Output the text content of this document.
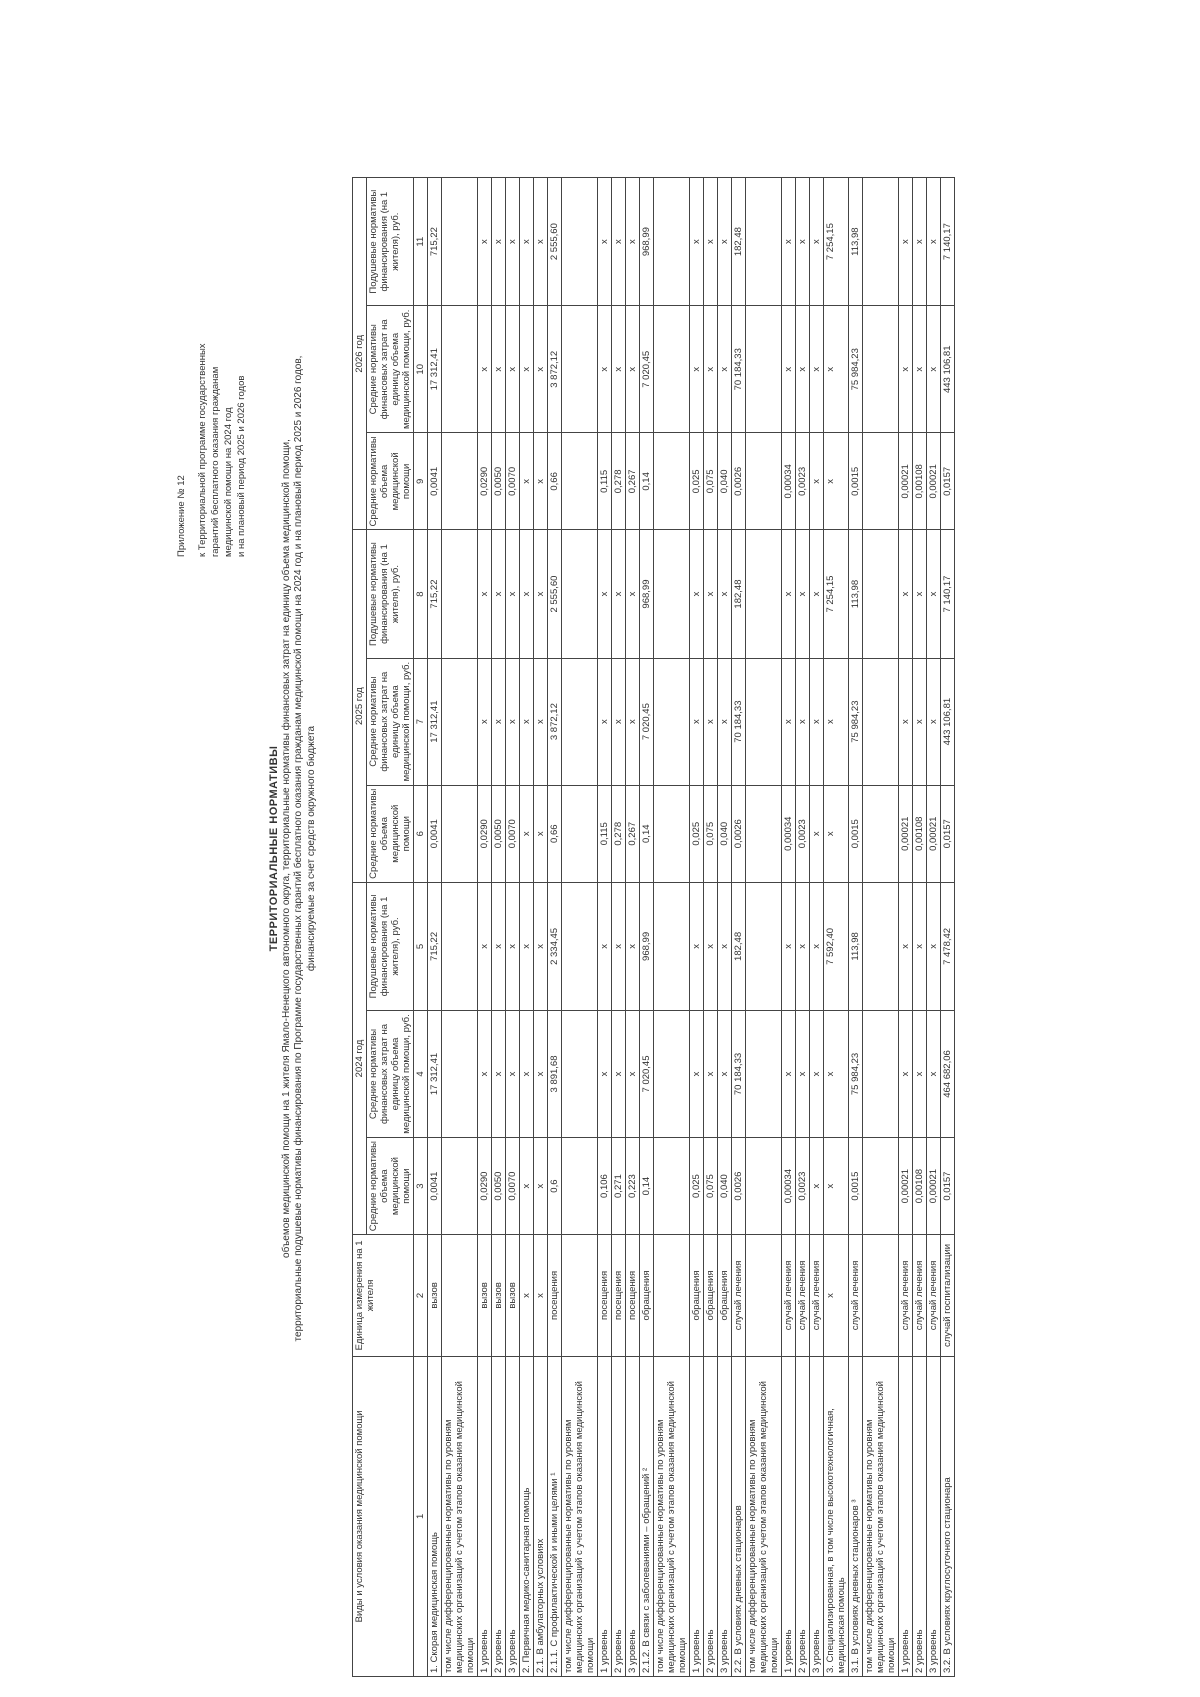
Приложение № 12 к Территориальной программе государственных гарантий бесплатного оказания гражданам медицинской помощи на 2024 год и на плановый период 2025 и 2026 годов
ТЕРРИТОРИАЛЬНЫЕ НОРМАТИВЫ объемов медицинской помощи на 1 жителя Ямало-Ненецкого автономного округа, территориальные нормативы финансовых затрат на единицу объема медицинской помощи, территориальные подушевые нормативы финансирования по Программе государственных гарантий бесплатного оказания гражданам медицинской помощи на 2024 год и на плановый период 2025 и 2026 годов, финансируемые за счет средств окружного бюджета
Виды и условия оказания медицинской помощи	Единица измерения на 1 жителя	2024 год			2025 год			2026 год		
		Средние нормативы объема медицинской помощи	Средние нормативы финансовых затрат на единицу объема медицинской помощи, руб.	Подушевые нормативы финансирования (на 1 жителя), руб.	Средние нормативы объема медицинской помощи	Средние нормативы финансовых затрат на единицу объема медицинской помощи, руб.	Подушевые нормативы финансирования (на 1 жителя), руб.	Средние нормативы объема медицинской помощи	Средние нормативы финансовых затрат на единицу объема медицинской помощи, руб.	Подушевые нормативы финансирования (на 1 жителя), руб.
1	2	3	4	5	6	7	8	9	10	11
1. Скорая медицинская помощь	вызов	0,0041	17 312,41	715,22	0,0041	17 312,41	715,22	0,0041	17 312,41	715,22
том числе дифференцированные нормативы по уровням медицинских организаций с учетом этапов оказания медицинской помощи										
1 уровень	вызов	0,0290	х	х	0,0290	х	х	0,0290	х	х
2 уровень	вызов	0,0050	х	х	0,0050	х	х	0,0050	х	х
3 уровень	вызов	0,0070	х	х	0,0070	х	х	0,0070	х	х
2. Первичная медико-санитарная помощь	х	х	х	х	х	х	х	х	х	х
2.1. В амбулаторных условиях	х	х	х	х	х	х	х	х	х	х
2.1.1. С профилактической и иными целями ¹	посещения	0,6	3 891,68	2 334,45	0,66	3 872,12	2 555,60	0,66	3 872,12	2 555,60
том числе дифференцированные нормативы по уровням медицинских организаций с учетом этапов оказания медицинской помощи										
1 уровень	посещения	0,106	х	х	0,115	х	х	0,115	х	х
2 уровень	посещения	0,271	х	х	0,278	х	х	0,278	х	х
3 уровень	посещения	0,223	х	х	0,267	х	х	0,267	х	х
2.1.2. В связи с заболеваниями – обращений ²	обращения	0,14	7 020,45	968,99	0,14	7 020,45	968,99	0,14	7 020,45	968,99
том числе дифференцированные нормативы по уровням медицинских организаций с учетом этапов оказания медицинской помощи										
1 уровень	обращения	0,025	х	х	0,025	х	х	0,025	х	х
2 уровень	обращения	0,075	х	х	0,075	х	х	0,075	х	х
3 уровень	обращения	0,040	х	х	0,040	х	х	0,040	х	х
2.2. В условиях дневных стационаров	случай лечения	0,0026	70 184,33	182,48	0,0026	70 184,33	182,48	0,0026	70 184,33	182,48
том числе дифференцированные нормативы по уровням медицинских организаций с учетом этапов оказания медицинской помощи										
1 уровень	случай лечения	0,00034	х	х	0,00034	х	х	0,00034	х	х
2 уровень	случай лечения	0,0023	х	х	0,0023	х	х	0,0023	х	х
3 уровень	случай лечения	х	х	х	х	х	х	х	х	х
3. Специализированная, в том числе высокотехнологичная, медицинская помощь	х	х	х	7 592,40	х	х	7 254,15	х	х	7 254,15
3.1. В условиях дневных стационаров ³	случай лечения	0,0015	75 984,23	113,98	0,0015	75 984,23	113,98	0,0015	75 984,23	113,98
том числе дифференцированные нормативы по уровням медицинских организаций с учетом этапов оказания медицинской помощи										
1 уровень	случай лечения	0,00021	х	х	0,00021	х	х	0,00021	х	х
2 уровень	случай лечения	0,00108	х	х	0,00108	х	х	0,00108	х	х
3 уровень	случай лечения	0,00021	х	х	0,00021	х	х	0,00021	х	х
3.2. В условиях круглосуточного стационара	случай госпитализации	0,0157	464 682,06	7 478,42	0,0157	443 106,81	7 140,17	0,0157	443 106,81	7 140,17
